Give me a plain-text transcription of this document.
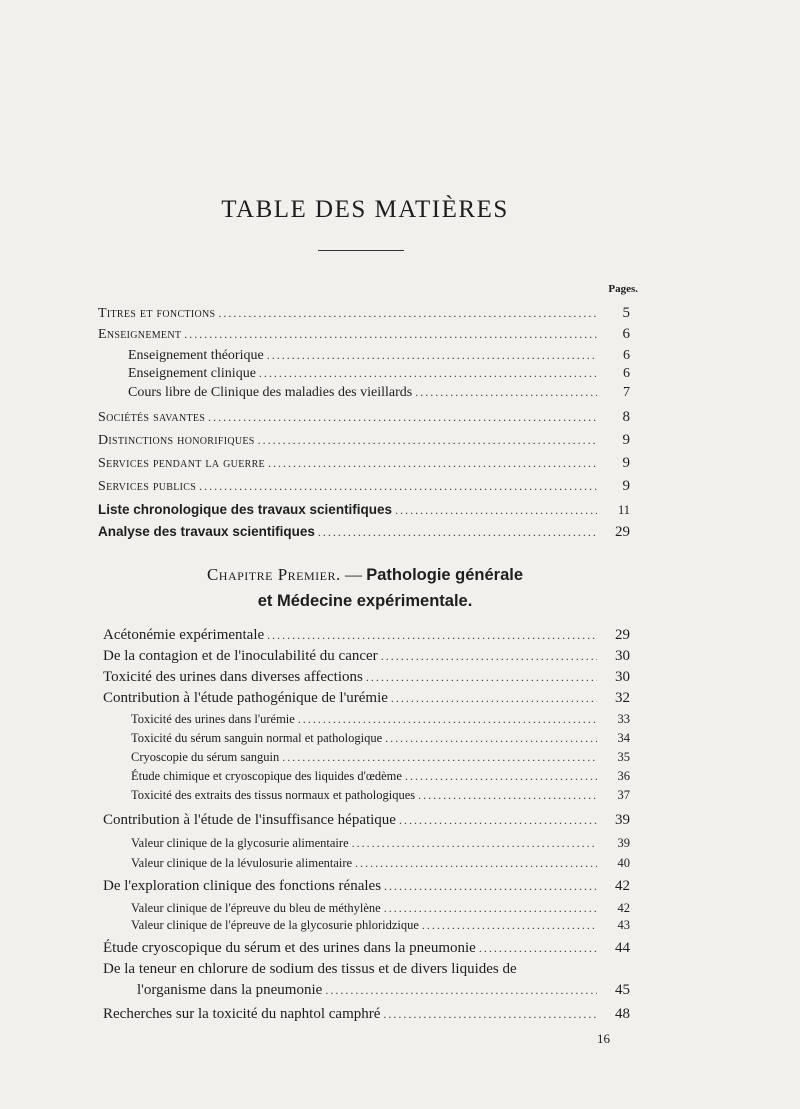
TABLE DES MATIÈRES
Pages.
Titres et fonctions .....	5
Enseignement .....	6
Enseignement théorique .....	6
Enseignement clinique .....	6
Cours libre de Clinique des maladies des vieillards .....	7
Sociétés savantes .....	8
Distinctions honorifiques .....	9
Services pendant la guerre .....	9
Services publics .....	9
Liste chronologique des travaux scientifiques .....	11
Analyse des travaux scientifiques .....	29
Chapitre Premier. — Pathologie générale
et Médecine expérimentale.
Acétonémie expérimentale .....	29
De la contagion et de l'inoculabilité du cancer .....	30
Toxicité des urines dans diverses affections .....	30
Contribution à l'étude pathogénique de l'urémie .....	32
Toxicité des urines dans l'urémie .....	33
Toxicité du sérum sanguin normal et pathologique .....	34
Cryoscopie du sérum sanguin .....	35
Étude chimique et cryoscopique des liquides d'œdème .....	36
Toxicité des extraits des tissus normaux et pathologiques .....	37
Contribution à l'étude de l'insuffisance hépatique .....	39
Valeur clinique de la glycosurie alimentaire .....	39
Valeur clinique de la lévulosurie alimentaire .....	40
De l'exploration clinique des fonctions rénales .....	42
Valeur clinique de l'épreuve du bleu de méthylène .....	42
Valeur clinique de l'épreuve de la glycosurie phloridzique .....	43
Étude cryoscopique du sérum et des urines dans la pneumonie .....	44
De la teneur en chlorure de sodium des tissus et de divers liquides de
l'organisme dans la pneumonie .....	45
Recherches sur la toxicité du naphtol camphré .....	48
16
